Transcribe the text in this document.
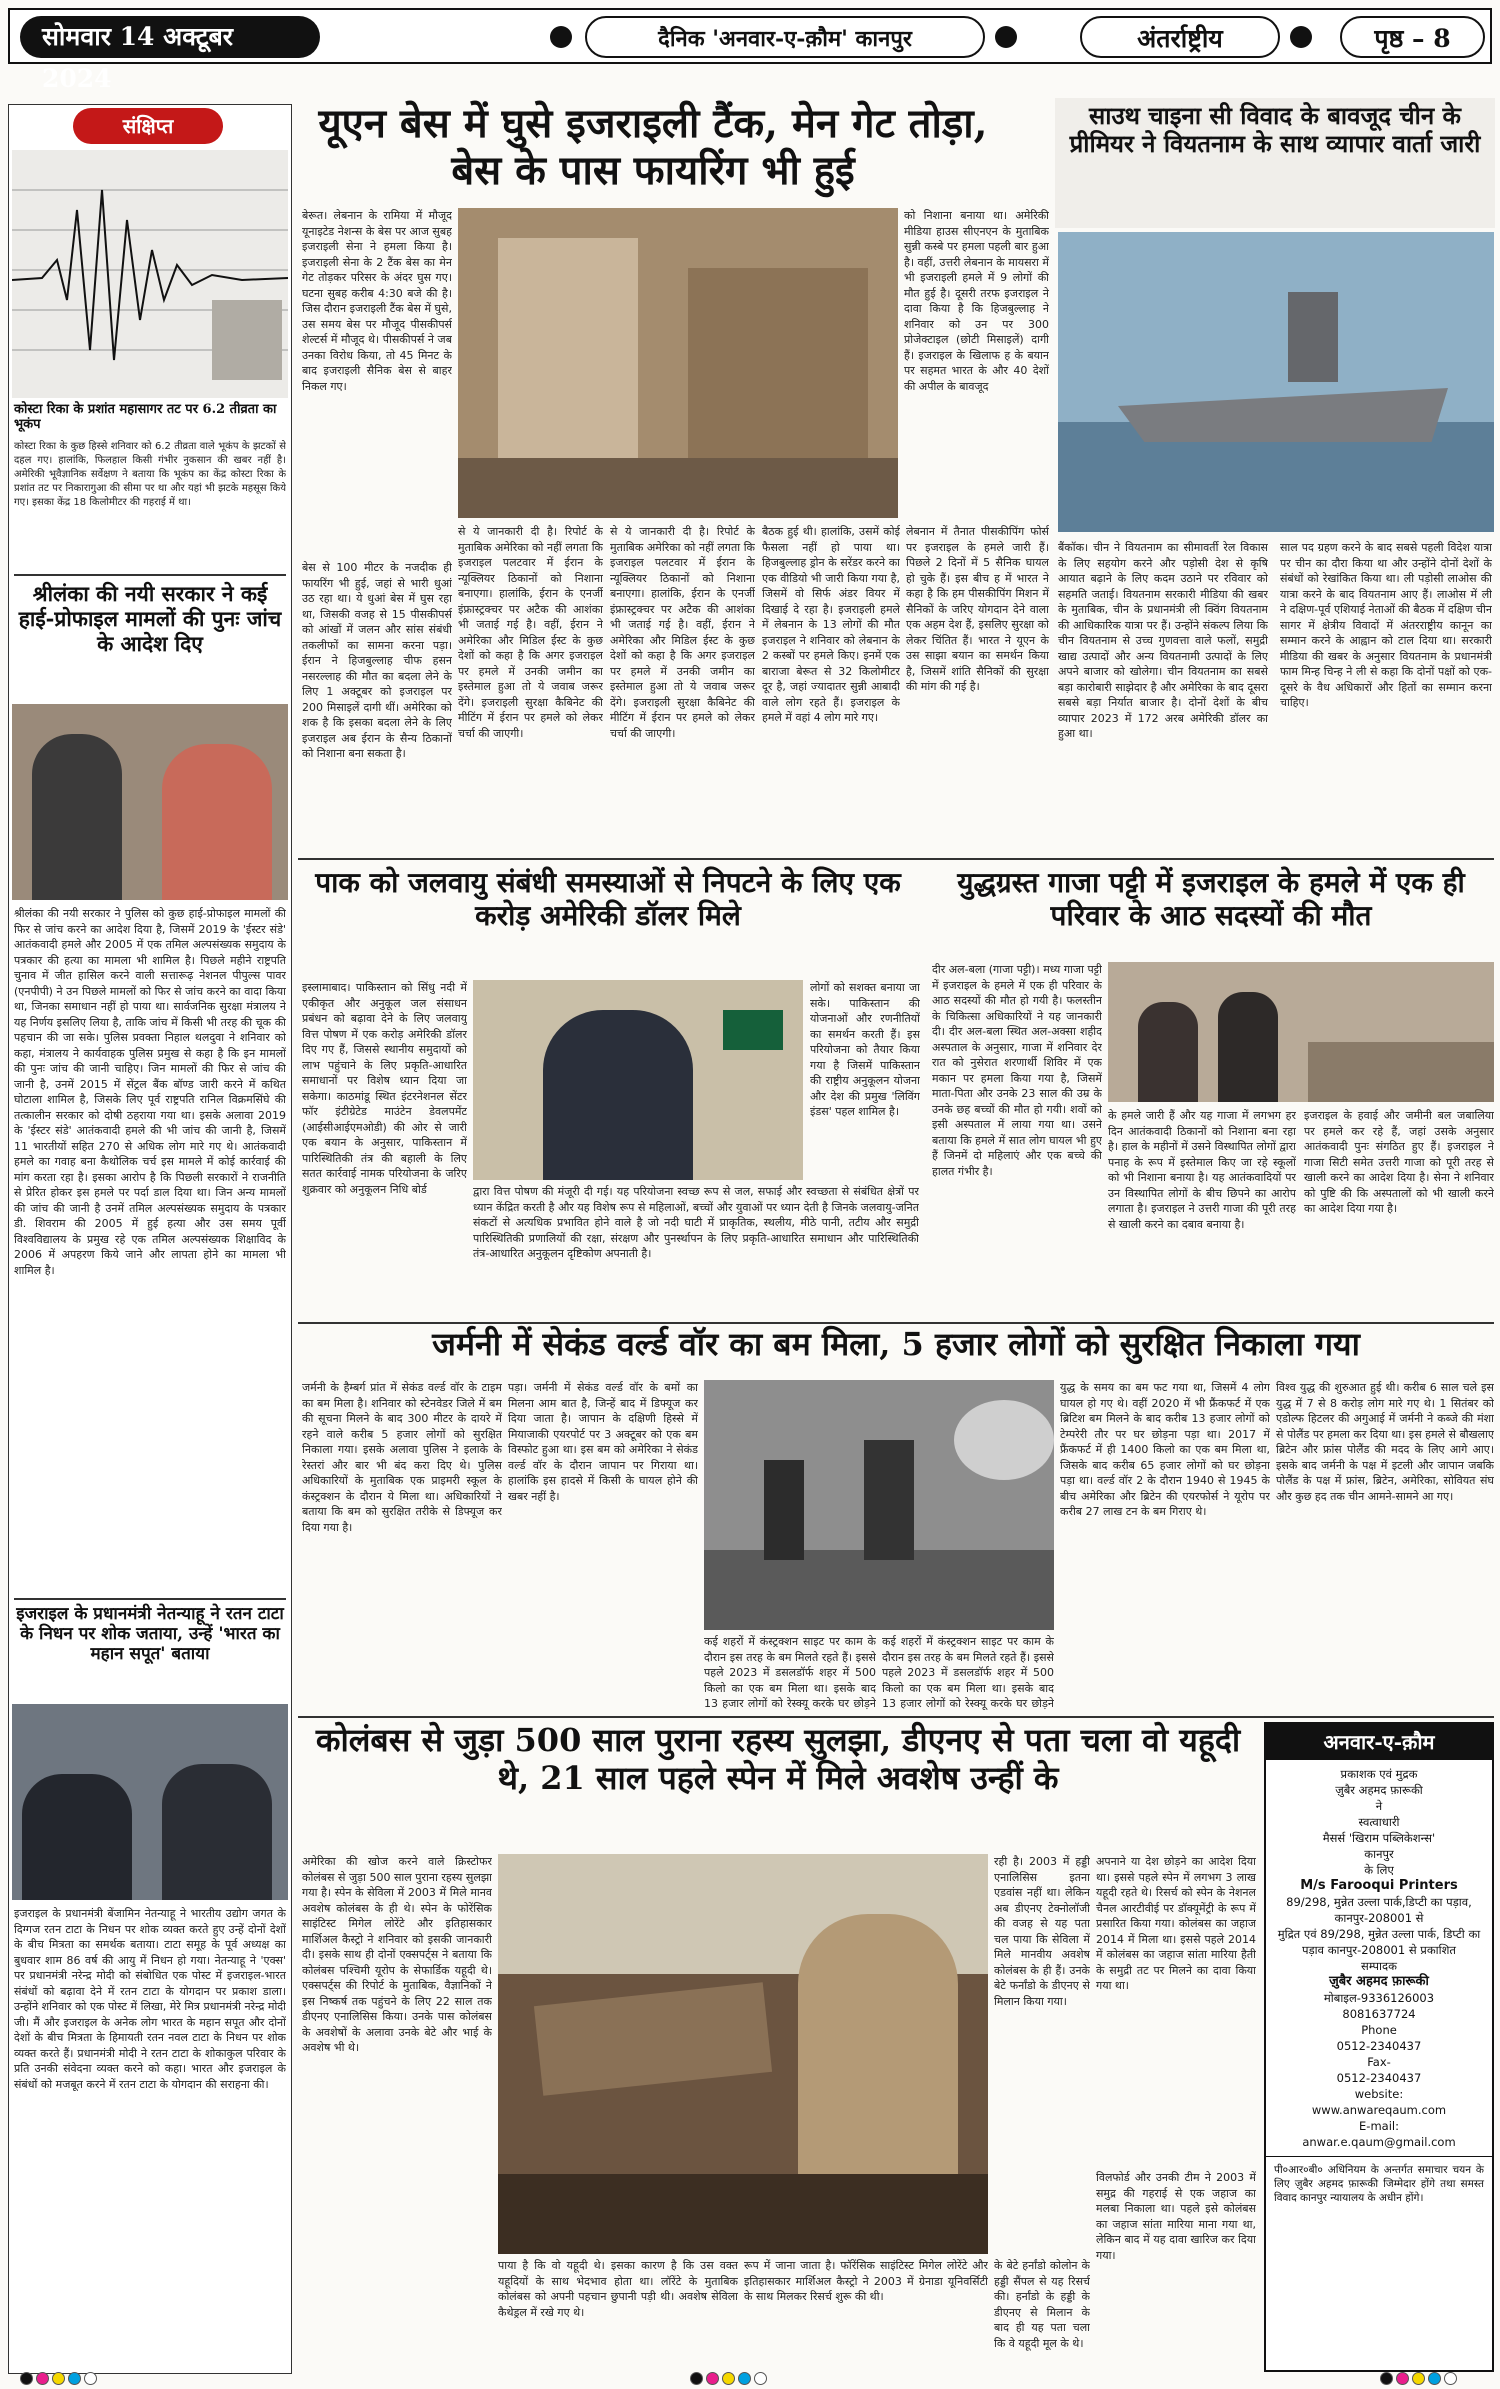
सोमवार 14 अक्टूबर 2024
दैनिक 'अनवार-ए-क़ौम' कानपुर	अंतर्राष्ट्रीय	पृष्ठ – 8
संक्षिप्त
कोस्टा रिका के प्रशांत महासागर तट पर 6.2 तीव्रता का भूकंप
कोस्टा रिका के कुछ हिस्से शनिवार को 6.2 तीव्रता वाले भूकंप के झटकों से दहल गए। हालांकि, फिलहाल किसी गंभीर नुकसान की खबर नहीं है। अमेरिकी भूवैज्ञानिक सर्वेक्षण ने बताया कि भूकंप का केंद्र कोस्टा रिका के प्रशांत तट पर निकारागुआ की सीमा पर था और यहां भी झटके महसूस किये गए। इसका केंद्र 18 किलोमीटर की गहराई में था।
श्रीलंका की नयी सरकार ने कई हाई-प्रोफाइल मामलों की पुनः जांच के आदेश दिए
श्रीलंका की नयी सरकार ने पुलिस को कुछ हाई-प्रोफाइल मामलों की फिर से जांच करने का आदेश दिया है, जिसमें 2019 के 'ईस्टर संडे' आतंकवादी हमले और 2005 में एक तमिल अल्पसंख्यक समुदाय के पत्रकार की हत्या का मामला भी शामिल है। पिछले महीने राष्ट्रपति चुनाव में जीत हासिल करने वाली सत्तारूढ़ नेशनल पीपुल्स पावर (एनपीपी) ने उन पिछले मामलों को फिर से जांच करने का वादा किया था, जिनका समाधान नहीं हो पाया था। सार्वजनिक सुरक्षा मंत्रालय ने यह निर्णय इसलिए लिया है, ताकि जांच में किसी भी तरह की चूक की पहचान की जा सके। पुलिस प्रवक्ता निहाल थलदुवा ने शनिवार को कहा, मंत्रालय ने कार्यवाहक पुलिस प्रमुख से कहा है कि इन मामलों की पुनः जांच की जानी चाहिए। जिन मामलों की फिर से जांच की जानी है, उनमें 2015 में सेंट्रल बैंक बॉण्ड जारी करने में कथित घोटाला शामिल है, जिसके लिए पूर्व राष्ट्रपति रानिल विक्रमसिंघे की तत्कालीन सरकार को दोषी ठहराया गया था। इसके अलावा 2019 के 'ईस्टर संडे' आतंकवादी हमले की भी जांच की जानी है, जिसमें 11 भारतीयों सहित 270 से अधिक लोग मारे गए थे। आतंकवादी हमले का गवाह बना कैथोलिक चर्च इस मामले में कोई कार्रवाई की मांग करता रहा है। इसका आरोप है कि पिछली सरकारों ने राजनीति से प्रेरित होकर इस हमले पर पर्दा डाल दिया था। जिन अन्य मामलों की जांच की जानी है उनमें तमिल अल्पसंख्यक समुदाय के पत्रकार डी. शिवराम की 2005 में हुई हत्या और उस समय पूर्वी विश्वविद्यालय के प्रमुख रहे एक तमिल अल्पसंख्यक शिक्षाविद के 2006 में अपहरण किये जाने और लापता होने का मामला भी शामिल है।
इजराइल के प्रधानमंत्री नेतन्याहू ने रतन टाटा के निधन पर शोक जताया, उन्हें 'भारत का महान सपूत' बताया
इजराइल के प्रधानमंत्री बेंजामिन नेतन्याहू ने भारतीय उद्योग जगत के दिग्गज रतन टाटा के निधन पर शोक व्यक्त करते हुए उन्हें दोनों देशों के बीच मित्रता का समर्थक बताया। टाटा समूह के पूर्व अध्यक्ष का बुधवार शाम 86 वर्ष की आयु में निधन हो गया। नेतन्याहू ने 'एक्स' पर प्रधानमंत्री नरेन्द्र मोदी को संबोधित एक पोस्ट में इजराइल-भारत संबंधों को बढ़ावा देने में रतन टाटा के योगदान पर प्रकाश डाला। उन्होंने शनिवार को एक पोस्ट में लिखा, मेरे मित्र प्रधानमंत्री नरेन्द्र मोदी जी। मैं और इजराइल के अनेक लोग भारत के महान सपूत और दोनों देशों के बीच मित्रता के हिमायती रतन नवल टाटा के निधन पर शोक व्यक्त करते हैं। प्रधानमंत्री मोदी ने रतन टाटा के शोकाकुल परिवार के प्रति उनकी संवेदना व्यक्त करने को कहा। भारत और इजराइल के संबंधों को मजबूत करने में रतन टाटा के योगदान की सराहना की।
यूएन बेस में घुसे इजराइली टैंक, मेन गेट तोड़ा, बेस के पास फायरिंग भी हुई
बेरूत। लेबनान के रामिया में मौजूद यूनाइटेड नेशन्स के बेस पर आज सुबह इजराइली सेना ने हमला किया है। इजराइली सेना के 2 टैंक बेस का मेन गेट तोड़कर परिसर के अंदर घुस गए। घटना सुबह करीब 4:30 बजे की है। जिस दौरान इजराइली टैंक बेस में घुसे, उस समय बेस पर मौजूद पीसकीपर्स शेल्टर्स में मौजूद थे। पीसकीपर्स ने जब उनका विरोध किया, तो 45 मिनट के बाद इजराइली सैनिक बेस से बाहर निकल गए।
को निशाना बनाया था। अमेरिकी मीडिया हाउस सीएनएन के मुताबिक सुन्नी कस्बे पर हमला पहली बार हुआ है। वहीं, उत्तरी लेबनान के मायसरा में भी इजराइली हमले में 9 लोगों की मौत हुई है। दूसरी तरफ इजराइल ने दावा किया है कि हिजबुल्लाह ने शनिवार को उन पर 300 प्रोजेक्टाइल (छोटी मिसाइलें) दागी हैं। इजराइल के खिलाफ ह के बयान पर सहमत भारत के और 40 देशों की अपील के बावजूद
बेस से 100 मीटर के नजदीक ही फायरिंग भी हुई, जहां से भारी धुआं उठ रहा था। ये धुआं बेस में घुस रहा था, जिसकी वजह से 15 पीसकीपर्स को आंखों में जलन और सांस संबंधी तकलीफों का सामना करना पड़ा। ईरान ने हिजबुल्लाह चीफ हसन नसरल्लाह की मौत का बदला लेने के लिए 1 अक्टूबर को इजराइल पर 200 मिसाइलें दागी थीं। अमेरिका को शक है कि इसका बदला लेने के लिए इजराइल अब ईरान के सैन्य ठिकानों को निशाना बना सकता है।
से ये जानकारी दी है। रिपोर्ट के मुताबिक अमेरिका को नहीं लगता कि इजराइल पलटवार में ईरान के न्यूक्लियर ठिकानों को निशाना बनाएगा। हालांकि, ईरान के एनर्जी इंफ्रास्ट्रक्चर पर अटैक की आशंका भी जताई गई है। वहीं, ईरान ने अमेरिका और मिडिल ईस्ट के कुछ देशों को कहा है कि अगर इजराइल पर हमले में उनकी जमीन का इस्तेमाल हुआ तो ये जवाब जरूर देंगे। इजराइली सुरक्षा कैबिनेट की मीटिंग में ईरान पर हमले को लेकर चर्चा की जाएगी।
से ये जानकारी दी है। रिपोर्ट के मुताबिक अमेरिका को नहीं लगता कि इजराइल पलटवार में ईरान के न्यूक्लियर ठिकानों को निशाना बनाएगा। हालांकि, ईरान के एनर्जी इंफ्रास्ट्रक्चर पर अटैक की आशंका भी जताई गई है। वहीं, ईरान ने अमेरिका और मिडिल ईस्ट के कुछ देशों को कहा है कि अगर इजराइल पर हमले में उनकी जमीन का इस्तेमाल हुआ तो ये जवाब जरूर देंगे। इजराइली सुरक्षा कैबिनेट की मीटिंग में ईरान पर हमले को लेकर चर्चा की जाएगी।
बैठक हुई थी। हालांकि, उसमें कोई फैसला नहीं हो पाया था। हिजबुल्लाह ड्रोन के सरेंडर करने का एक वीडियो भी जारी किया गया है, जिसमें वो सिर्फ अंडर वियर में दिखाई दे रहा है। इजराइली हमले में लेबनान के 13 लोगों की मौत इजराइल ने शनिवार को लेबनान के 2 कस्बों पर हमले किए। इनमें एक बाराजा बेरूत से 32 किलोमीटर दूर है, जहां ज्यादातर सुन्नी आबादी वाले लोग रहते हैं। इजराइल के हमले में वहां 4 लोग मारे गए।
लेबनान में तैनात पीसकीपिंग फोर्स पर इजराइल के हमले जारी हैं। पिछले 2 दिनों में 5 सैनिक घायल हो चुके हैं। इस बीच ह में भारत ने कहा है कि हम पीसकीपिंग मिशन में सैनिकों के जरिए योगदान देने वाला एक अहम देश हैं, इसलिए सुरक्षा को लेकर चिंतित हैं। भारत ने यूएन के उस साझा बयान का समर्थन किया है, जिसमें शांति सैनिकों की सुरक्षा की मांग की गई है।
साउथ चाइना सी विवाद के बावजूद चीन के प्रीमियर ने वियतनाम के साथ व्यापार वार्ता जारी
बैंकॉक। चीन ने वियतनाम का सीमावर्ती रेल विकास के लिए सहयोग करने और पड़ोसी देश से कृषि आयात बढ़ाने के लिए कदम उठाने पर रविवार को सहमति जताई। वियतनाम सरकारी मीडिया की खबर के मुताबिक, चीन के प्रधानमंत्री ली क्विंग वियतनाम की आधिकारिक यात्रा पर हैं। उन्होंने संकल्प लिया कि चीन वियतनाम से उच्च गुणवत्ता वाले फलों, समुद्री खाद्य उत्पादों और अन्य वियतनामी उत्पादों के लिए अपने बाजार को खोलेगा। चीन वियतनाम का सबसे बड़ा कारोबारी साझेदार है और अमेरिका के बाद दूसरा सबसे बड़ा निर्यात बाजार है। दोनों देशों के बीच व्यापार 2023 में 172 अरब अमेरिकी डॉलर का हुआ था।
साल पद ग्रहण करने के बाद सबसे पहली विदेश यात्रा पर चीन का दौरा किया था और उन्होंने दोनों देशों के संबंधों को रेखांकित किया था। ली पड़ोसी लाओस की यात्रा करने के बाद वियतनाम आए हैं। लाओस में ली ने दक्षिण-पूर्व एशियाई नेताओं की बैठक में दक्षिण चीन सागर में क्षेत्रीय विवादों में अंतरराष्ट्रीय कानून का सम्मान करने के आह्वान को टाल दिया था। सरकारी मीडिया की खबर के अनुसार वियतनाम के प्रधानमंत्री फाम मिन्ह चिन्ह ने ली से कहा कि दोनों पक्षों को एक-दूसरे के वैध अधिकारों और हितों का सम्मान करना चाहिए।
पाक को जलवायु संबंधी समस्याओं से निपटने के लिए एक करोड़ अमेरिकी डॉलर मिले
इस्लामाबाद। पाकिस्तान को सिंधु नदी में एकीकृत और अनुकूल जल संसाधन प्रबंधन को बढ़ावा देने के लिए जलवायु वित्त पोषण में एक करोड़ अमेरिकी डॉलर दिए गए हैं, जिससे स्थानीय समुदायों को लाभ पहुंचाने के लिए प्रकृति-आधारित समाधानों पर विशेष ध्यान दिया जा सकेगा। काठमांडू स्थित इंटरनेशनल सेंटर फॉर इंटीग्रेटेड माउंटेन डेवलपमेंट (आईसीआईएमओडी) की ओर से जारी एक बयान के अनुसार, पाकिस्तान में पारिस्थितिकी तंत्र की बहाली के लिए सतत कार्रवाई नामक परियोजना के जरिए शुक्रवार को अनुकूलन निधि बोर्ड
लोगों को सशक्त बनाया जा सके। पाकिस्तान की योजनाओं और रणनीतियों का समर्थन करती हैं। इस परियोजना को तैयार किया गया है जिसमें पाकिस्तान की राष्ट्रीय अनुकूलन योजना और देश की प्रमुख 'लिविंग इंडस' पहल शामिल है।
द्वारा वित्त पोषण की मंजूरी दी गई। यह परियोजना स्वच्छ रूप से जल, सफाई और स्वच्छता से संबंधित क्षेत्रों पर ध्यान केंद्रित करती है और यह विशेष रूप से महिलाओं, बच्चों और युवाओं पर ध्यान देती है जिनके जलवायु-जनित संकटों से अत्यधिक प्रभावित होने वाले है जो नदी घाटी में प्राकृतिक, स्थलीय, मीठे पानी, तटीय और समुद्री पारिस्थितिकी प्रणालियों की रक्षा, संरक्षण और पुनर्स्थापन के लिए प्रकृति-आधारित समाधान और पारिस्थितिकी तंत्र-आधारित अनुकूलन दृष्टिकोण अपनाती है।
युद्धग्रस्त गाजा पट्टी में इजराइल के हमले में एक ही परिवार के आठ सदस्यों की मौत
दीर अल-बला (गाजा पट्टी)। मध्य गाजा पट्टी में इजराइल के हमले में एक ही परिवार के आठ सदस्यों की मौत हो गयी है। फलस्तीन के चिकित्सा अधिकारियों ने यह जानकारी दी। दीर अल-बला स्थित अल-अक्सा शहीद अस्पताल के अनुसार, गाजा में शनिवार देर रात को नुसेरात शरणार्थी शिविर में एक मकान पर हमला किया गया है, जिसमें माता-पिता और उनके 23 साल की उम्र के उनके छह बच्चों की मौत हो गयी। शवों को इसी अस्पताल में लाया गया था। उसने बताया कि हमले में सात लोग घायल भी हुए हैं जिनमें दो महिलाएं और एक बच्चे की हालत गंभीर है।
के हमले जारी हैं और यह गाजा में लगभग हर दिन आतंकवादी ठिकानों को निशाना बना रहा है। हाल के महीनों में उसने विस्थापित लोगों द्वारा पनाह के रूप में इस्तेमाल किए जा रहे स्कूलों को भी निशाना बनाया है। यह आतंकवादियों पर उन विस्थापित लोगों के बीच छिपने का आरोप लगाता है। इजराइल ने उत्तरी गाजा की पूरी तरह से खाली करने का दबाव बनाया है।
इजराइल के हवाई और जमीनी बल जबालिया पर हमले कर रहे हैं, जहां उसके अनुसार आतंकवादी पुनः संगठित हुए हैं। इजराइल ने गाजा सिटी समेत उत्तरी गाजा को पूरी तरह से खाली करने का आदेश दिया है। सेना ने शनिवार को पुष्टि की कि अस्पतालों को भी खाली करने का आदेश दिया गया है।
जर्मनी में सेकंड वर्ल्ड वॉर का बम मिला, 5 हजार लोगों को सुरक्षित निकाला गया
जर्मनी के हैम्बर्ग प्रांत में सेकंड वर्ल्ड वॉर के टाइम का बम मिला है। शनिवार को स्टेनवेडर जिले में बम की सूचना मिलने के बाद 300 मीटर के दायरे में रहने वाले करीब 5 हजार लोगों को सुरक्षित निकाला गया। इसके अलावा पुलिस ने इलाके के रेस्तरां और बार भी बंद करा दिए थे। पुलिस अधिकारियों के मुताबिक एक प्राइमरी स्कूल के कंस्ट्रक्शन के दौरान ये मिला था। अधिकारियों ने बताया कि बम को सुरक्षित तरीके से डिफ्यूज कर दिया गया है।
पड़ा। जर्मनी में सेकंड वर्ल्ड वॉर के बमों का मिलना आम बात है, जिन्हें बाद में डिफ्यूज कर दिया जाता है। जापान के दक्षिणी हिस्से में मियाजाकी एयरपोर्ट पर 3 अक्टूबर को एक बम विस्फोट हुआ था। इस बम को अमेरिका ने सेकंड वर्ल्ड वॉर के दौरान जापान पर गिराया था। हालांकि इस हादसे में किसी के घायल होने की खबर नहीं है।
कई शहरों में कंस्ट्रक्शन साइट पर काम के दौरान इस तरह के बम मिलते रहते हैं। इससे पहले 2023 में डसलडॉर्फ शहर में 500 किलो का एक बम मिला था। इसके बाद 13 हजार लोगों को रेस्क्यू करके घर छोड़ने
कई शहरों में कंस्ट्रक्शन साइट पर काम के दौरान इस तरह के बम मिलते रहते हैं। इससे पहले 2023 में डसलडॉर्फ शहर में 500 किलो का एक बम मिला था। इसके बाद 13 हजार लोगों को रेस्क्यू करके घर छोड़ने
युद्ध के समय का बम फट गया था, जिसमें 4 लोग घायल हो गए थे। वहीं 2020 में भी फ्रैंकफर्ट में एक ब्रिटिश बम मिलने के बाद करीब 13 हजार लोगों को टेम्परेरी तौर पर घर छोड़ना पड़ा था। 2017 में फ्रैंकफर्ट में ही 1400 किलो का एक बम मिला था, जिसके बाद करीब 65 हजार लोगों को घर छोड़ना पड़ा था। वर्ल्ड वॉर 2 के दौरान 1940 से 1945 के बीच अमेरिका और ब्रिटेन की एयरफोर्स ने यूरोप पर करीब 27 लाख टन के बम गिराए थे।
विश्व युद्ध की शुरुआत हुई थी। करीब 6 साल चले इस युद्ध में 7 से 8 करोड़ लोग मारे गए थे। 1 सितंबर को एडोल्फ हिटलर की अगुआई में जर्मनी ने कब्जे की मंशा से पोलैंड पर हमला कर दिया था। इस हमले से बौखलाए ब्रिटेन और फ्रांस पोलैंड की मदद के लिए आगे आए। इसके बाद जर्मनी के पक्ष में इटली और जापान जबकि पोलैंड के पक्ष में फ्रांस, ब्रिटेन, अमेरिका, सोवियत संघ और कुछ हद तक चीन आमने-सामने आ गए।
कोलंबस से जुड़ा 500 साल पुराना रहस्य सुलझा, डीएनए से पता चला वो यहूदी थे, 21 साल पहले स्पेन में मिले अवशेष उन्हीं के
अमेरिका की खोज करने वाले क्रिस्टोफर कोलंबस से जुड़ा 500 साल पुराना रहस्य सुलझा गया है। स्पेन के सेविला में 2003 में मिले मानव अवशेष कोलंबस के ही थे। स्पेन के फोरेंसिक साइंटिस्ट मिगेल लोरेंटे और इतिहासकार मार्शिअल कैस्ट्रो ने शनिवार को इसकी जानकारी दी। इसके साथ ही दोनों एक्सपर्ट्स ने बताया कि कोलंबस पश्चिमी यूरोप के सेफार्डिक यहूदी थे। एक्सपर्ट्स की रिपोर्ट के मुताबिक, वैज्ञानिकों ने इस निष्कर्ष तक पहुंचने के लिए 22 साल तक डीएनए एनालिसिस किया। उनके पास कोलंबस के अवशेषों के अलावा उनके बेटे और भाई के अवशेष भी थे।
पाया है कि वो यहूदी थे। इसका कारण है कि उस वक्त यहूदियों के साथ भेदभाव होता था। लॉरेंटे के मुताबिक कोलंबस को अपनी पहचान छुपानी पड़ी थी। अवशेष सेविला कैथेड्रल में रखे गए थे।
रूप में जाना जाता है। फॉरेंसिक साइंटिस्ट मिगेल लोरेंटे और इतिहासकार मार्शिअल कैस्ट्रो ने 2003 में ग्रेनाडा यूनिवर्सिटी के साथ मिलकर रिसर्च शुरू की थी।
रही है। 2003 में हड्डी एनालिसिस इतना एडवांस नहीं था। लेकिन अब डीएनए टेक्नोलॉजी की वजह से यह पता चल पाया कि सेविला में मिले मानवीय अवशेष कोलंबस के ही हैं। उनके बेटे फर्नांडो के डीएनए से मिलान किया गया।
के बेटे हर्नांडो कोलोन के हड्डी सैंपल से यह रिसर्च की। हर्नांडो के हड्डी के डीएनए से मिलान के बाद ही यह पता चला कि वे यहूदी मूल के थे।
अपनाने या देश छोड़ने का आदेश दिया था। इससे पहले स्पेन में लगभग 3 लाख यहूदी रहते थे। रिसर्च को स्पेन के नेशनल चैनल आरटीवीई पर डॉक्यूमेंट्री के रूप में प्रसारित किया गया। कोलंबस का जहाज 2014 में मिला था। इससे पहले 2014 में कोलंबस का जहाज सांता मारिया हैती के समुद्री तट पर मिलने का दावा किया गया था।
विलफोर्ड और उनकी टीम ने 2003 में समुद्र की गहराई से एक जहाज का मलबा निकाला था। पहले इसे कोलंबस का जहाज सांता मारिया माना गया था, लेकिन बाद में यह दावा खारिज कर दिया गया।
अनवार-ए-क़ौम
प्रकाशक एवं मुद्रक
ज़ुबैर अहमद फ़ारूकी
ने
स्वत्वाधारी
मैसर्स 'खिराम पब्लिकेशन्स'
कानपुर
के लिए
M/s Farooqui Printers
89/298, मुन्नेत उल्ला पार्क,डिप्टी का पड़ाव, कानपुर-208001 से
मुद्रित एवं 89/298, मुन्नेत उल्ला पार्क, डिप्टी का पड़ाव कानपुर-208001 से प्रकाशित
सम्पादक
ज़ुबैर अहमद फ़ारूकी
मोबाइल-9336126003
8081637724
Phone
0512-2340437
Fax-
0512-2340437
website:
www.anwareqaum.com
E-mail:
anwar.e.qaum@gmail.com
पी०आर०बी० अधिनियम के अन्तर्गत समाचार चयन के लिए ज़ुबैर अहमद फ़ारूकी जिम्मेदार होंगे तथा समस्त विवाद कानपुर न्यायालय के अधीन होंगे।
